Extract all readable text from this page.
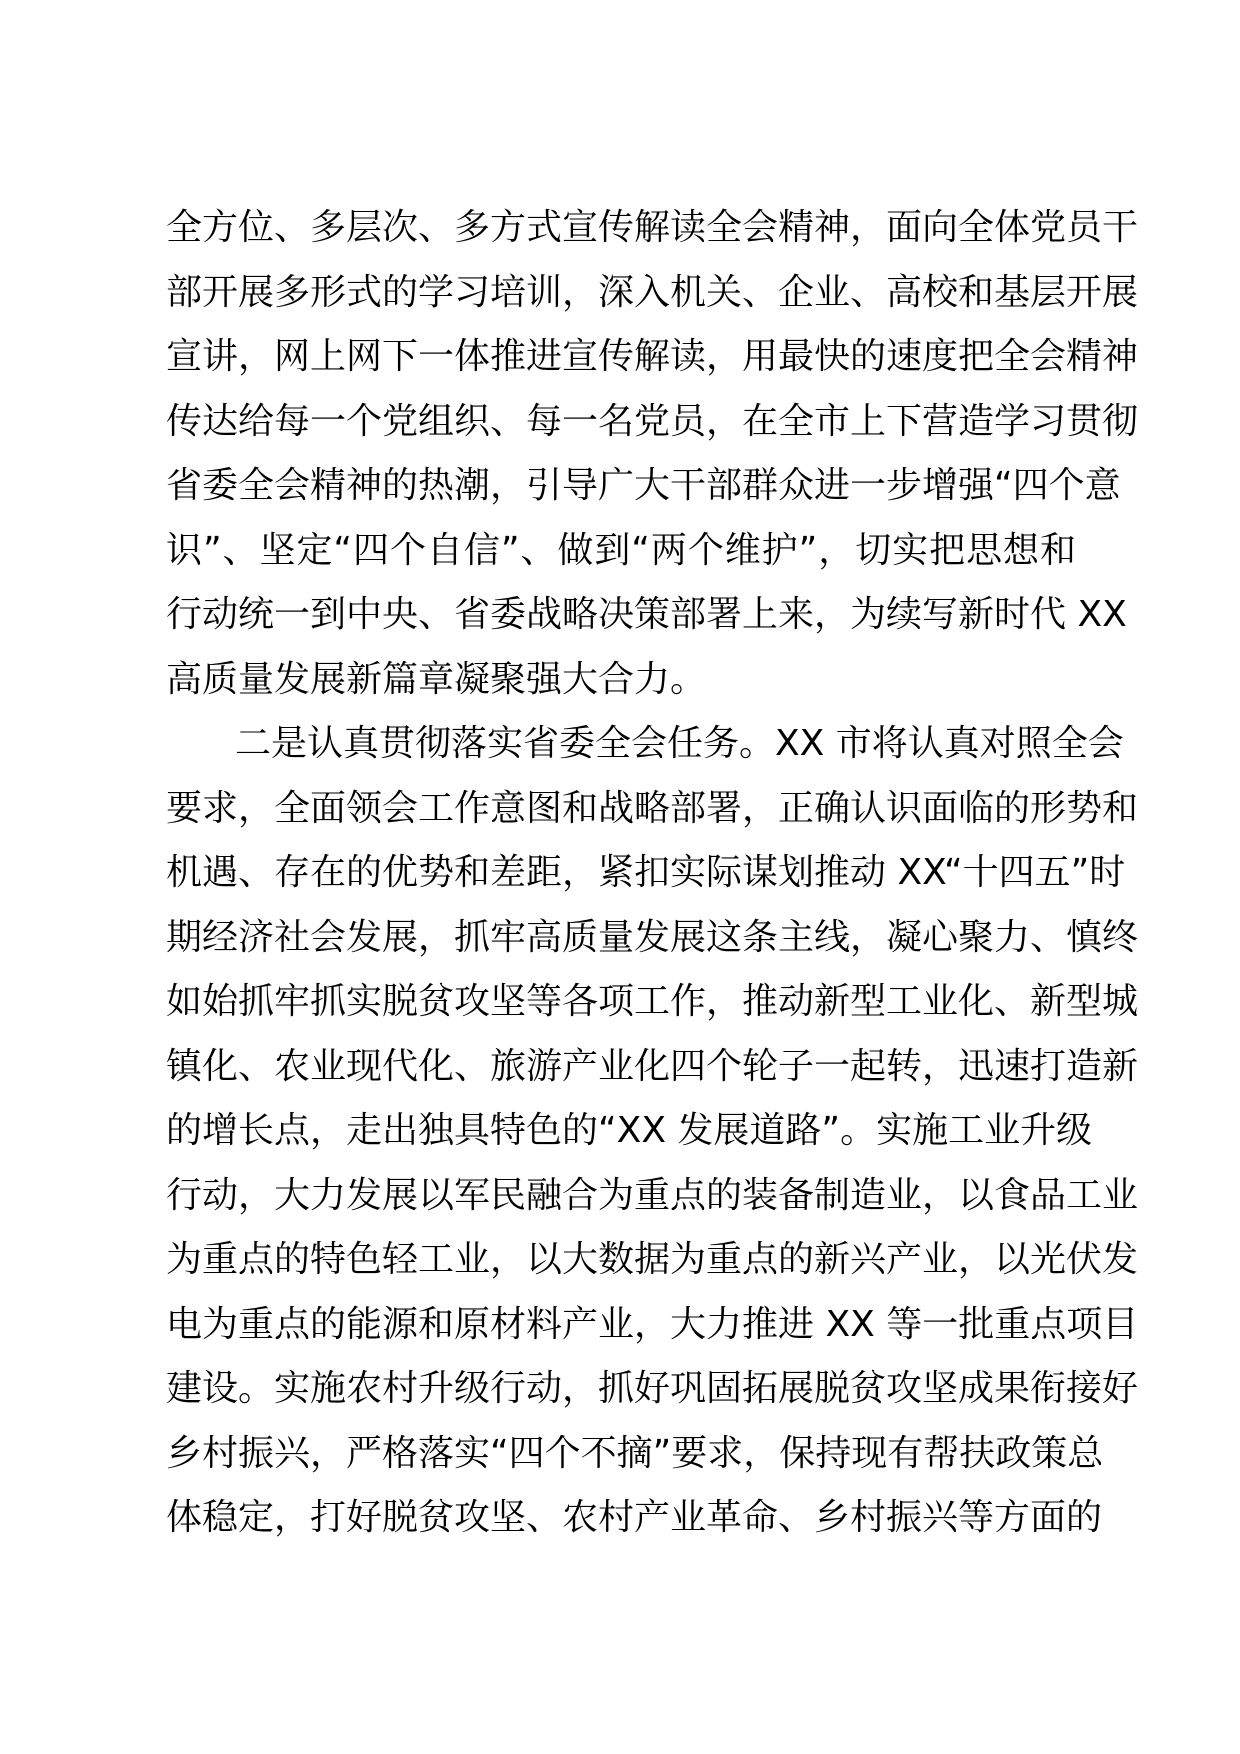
全方位、多层次、多方式宣传解读全会精神，面向全体党员干
部开展多形式的学习培训，深入机关、企业、高校和基层开展
宣讲，网上网下一体推进宣传解读，用最快的速度把全会精神
传达给每一个党组织、每一名党员，在全市上下营造学习贯彻
省委全会精神的热潮，引导广大干部群众进一步增强“四个意
识”、坚定“四个自信”、做到“两个维护”，切实把思想和
行动统一到中央、省委战略决策部署上来，为续写新时代 XX
高质量发展新篇章凝聚强大合力。
二是认真贯彻落实省委全会任务。XX 市将认真对照全会
要求，全面领会工作意图和战略部署，正确认识面临的形势和
机遇、存在的优势和差距，紧扣实际谋划推动 XX“十四五”时
期经济社会发展，抓牢高质量发展这条主线，凝心聚力、慎终
如始抓牢抓实脱贫攻坚等各项工作，推动新型工业化、新型城
镇化、农业现代化、旅游产业化四个轮子一起转，迅速打造新
的增长点，走出独具特色的“XX 发展道路”。实施工业升级
行动，大力发展以军民融合为重点的装备制造业，以食品工业
为重点的特色轻工业，以大数据为重点的新兴产业，以光伏发
电为重点的能源和原材料产业，大力推进 XX 等一批重点项目
建设。实施农村升级行动，抓好巩固拓展脱贫攻坚成果衔接好
乡村振兴，严格落实“四个不摘”要求，保持现有帮扶政策总
体稳定，打好脱贫攻坚、农村产业革命、乡村振兴等方面的
